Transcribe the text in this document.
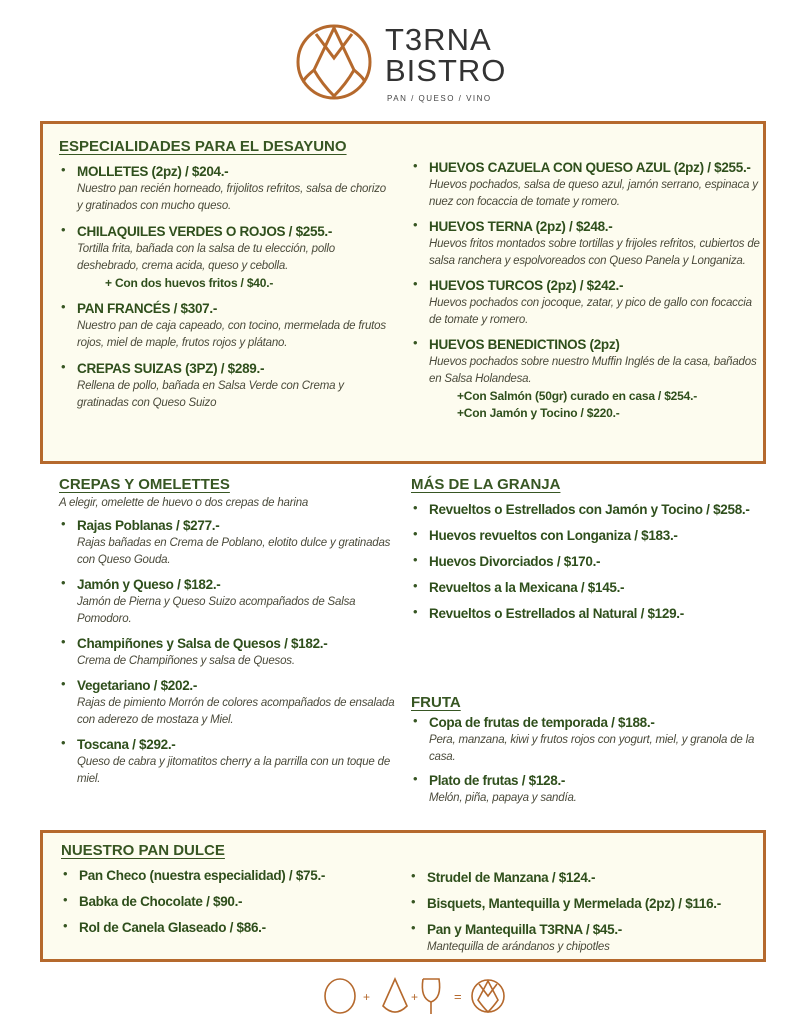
T3RNA
BISTRO
PAN / QUESO / VINO
ESPECIALIDADES PARA EL DESAYUNO
• MOLLETES (2pz) / $204.-
Nuestro pan recién horneado, frijolitos refritos, salsa de chorizo y gratinados con mucho queso.
• CHILAQUILES VERDES O ROJOS / $255.-
Tortilla frita, bañada con la salsa de tu elección, pollo deshebrado, crema acida, queso y cebolla.
+ Con dos huevos fritos / $40.-
• PAN FRANCÉS / $307.-
Nuestro pan de caja capeado, con tocino, mermelada de frutos rojos, miel de maple, frutos rojos y plátano.
• CREPAS SUIZAS (3PZ) / $289.-
Rellena de pollo, bañada en Salsa Verde con Crema y gratinadas con Queso Suizo
• HUEVOS CAZUELA CON QUESO AZUL (2pz) / $255.-
Huevos pochados, salsa de queso azul, jamón serrano, espinaca y nuez con focaccia de tomate y romero.
• HUEVOS TERNA (2pz) / $248.-
Huevos fritos montados sobre tortillas y frijoles refritos, cubiertos de salsa ranchera y espolvoreados con Queso Panela y Longaniza.
• HUEVOS TURCOS (2pz) / $242.-
Huevos pochados con jocoque, zatar, y pico de gallo con focaccia de tomate y romero.
• HUEVOS BENEDICTINOS (2pz)
Huevos pochados sobre nuestro Muffin Inglés de la casa, bañados en Salsa Holandesa.
+Con Salmón (50gr) curado en casa / $254.-
+Con Jamón y Tocino / $220.-
CREPAS Y OMELETTES
A elegir, omelette de huevo o dos crepas de harina
• Rajas Poblanas / $277.-
Rajas bañadas en Crema de Poblano, elotito dulce y gratinadas con Queso Gouda.
• Jamón y Queso / $182.-
Jamón de Pierna y Queso Suizo acompañados de Salsa Pomodoro.
• Champiñones y Salsa de Quesos / $182.-
Crema de Champiñones y salsa de Quesos.
• Vegetariano / $202.-
Rajas de pimiento Morrón de colores acompañados de ensalada con aderezo de mostaza y Miel.
• Toscana / $292.-
Queso de cabra y jitomatitos cherry a la parrilla con un toque de miel.
MÁS DE LA GRANJA
• Revueltos o Estrellados con Jamón y Tocino / $258.-
• Huevos revueltos con Longaniza / $183.-
• Huevos Divorciados / $170.-
• Revueltos a la Mexicana / $145.-
• Revueltos o Estrellados al Natural / $129.-
FRUTA
• Copa de frutas de temporada / $188.-
Pera, manzana, kiwi y frutos rojos con yogurt, miel, y granola de la casa.
• Plato de frutas / $128.-
Melón, piña, papaya y sandía.
NUESTRO PAN DULCE
• Pan Checo (nuestra especialidad) / $75.-
• Babka de Chocolate / $90.-
• Rol de Canela Glaseado / $86.-
• Strudel de Manzana / $124.-
• Bisquets, Mantequilla y Mermelada (2pz) / $116.-
• Pan y Mantequilla T3RNA / $45.-
Mantequilla de arándanos y chipotles
+	+	=
